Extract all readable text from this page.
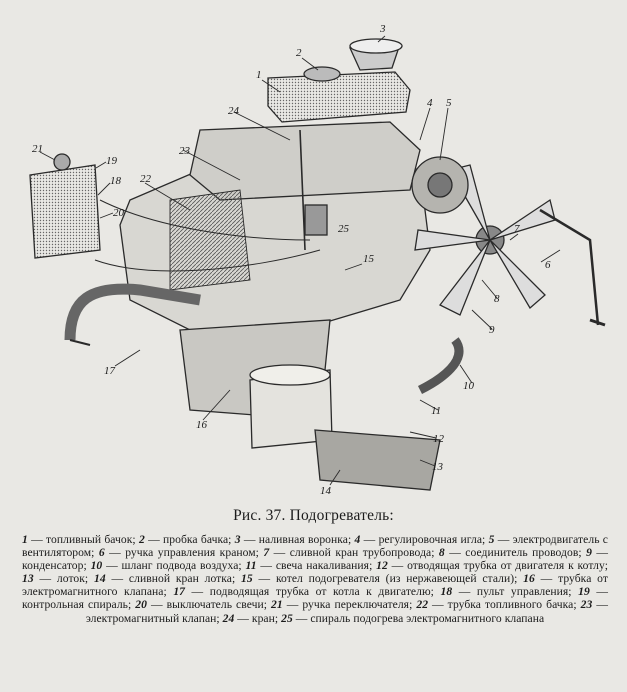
1
2
3
4 5
6
7
8
9
10
11
12
13
14
15
16
17
18
19
20
21
22
23
24
25
Рис. 37. Подогреватель:
1 — топливный бачок; 2 — пробка бачка; 3 — наливная воронка; 4 — регулировочная игла; 5 — электродвигатель с вентилятором; 6 — ручка управления краном; 7 — сливной кран трубопровода; 8 — соединитель проводов; 9 — конденсатор; 10 — шланг подвода воздуха; 11 — свеча накаливания; 12 — отводящая трубка от двигателя к котлу; 13 — лоток; 14 — сливной кран лотка; 15 — котел подогревателя (из нержавеющей стали); 16 — трубка от электромагнитного клапана; 17 — подводящая трубка от котла к двигателю; 18 — пульт управления; 19 — контрольная спираль; 20 — выключатель свечи; 21 — ручка переключателя; 22 — трубка топливного бачка; 23 — электромагнитный клапан; 24 — кран; 25 — спираль подогрева электромагнитного клапана
